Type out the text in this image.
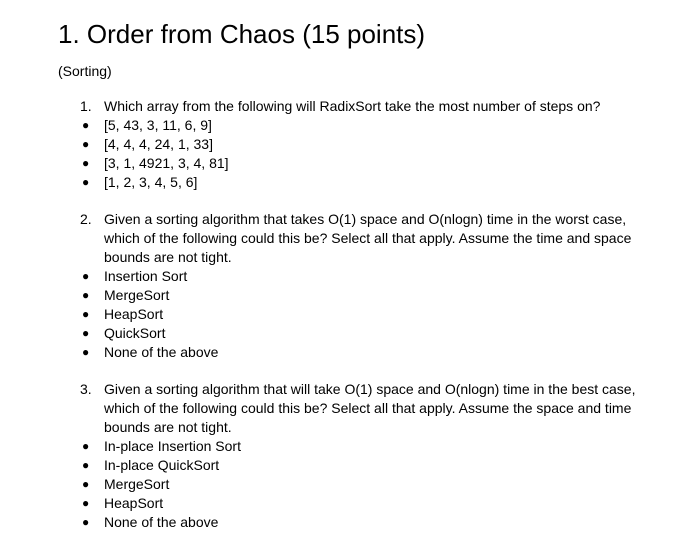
1. Order from Chaos (15 points)
(Sorting)
1. Which array from the following will RadixSort take the most number of steps on?
●	[5, 43, 3, 11, 6, 9]
●	[4, 4, 4, 24, 1, 33]
●	[3, 1, 4921, 3, 4, 81]
●	[1, 2, 3, 4, 5, 6]
2. Given a sorting algorithm that takes O(1) space and O(nlogn) time in the worst case, which of the following could this be? Select all that apply. Assume the time and space bounds are not tight.
●	Insertion Sort
●	MergeSort
●	HeapSort
●	QuickSort
●	None of the above
3. Given a sorting algorithm that will take O(1) space and O(nlogn) time in the best case, which of the following could this be? Select all that apply. Assume the space and time bounds are not tight.
●	In-place Insertion Sort
●	In-place QuickSort
●	MergeSort
●	HeapSort
●	None of the above
